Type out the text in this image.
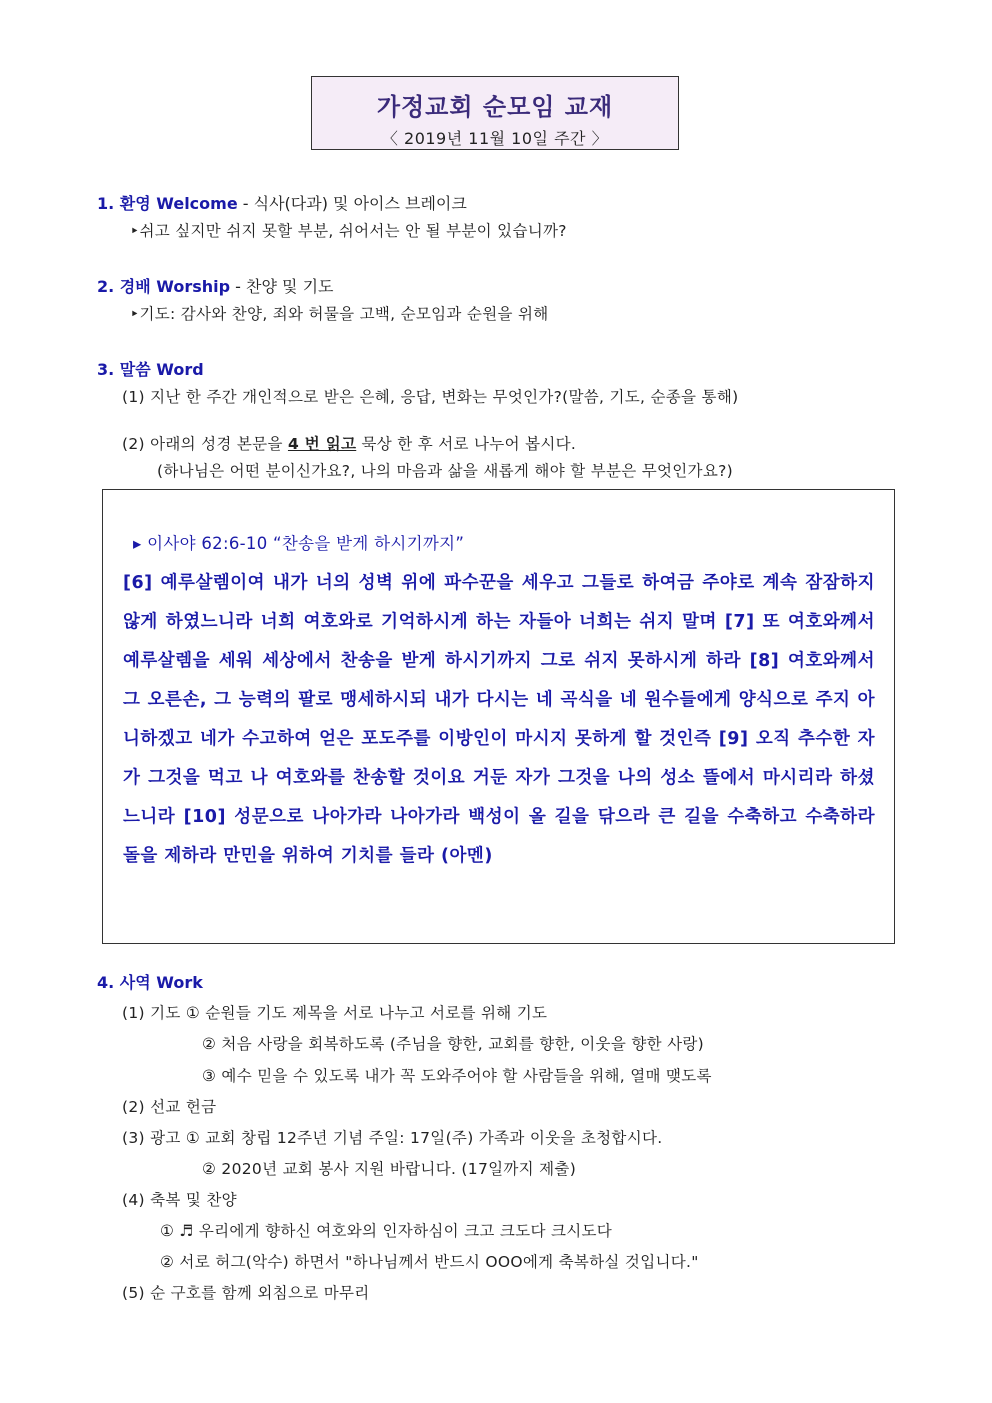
가정교회 순모임 교재
〈 2019년 11월 10일 주간 〉
1. 환영 Welcome - 식사(다과) 및 아이스 브레이크
‣쉬고 싶지만 쉬지 못할 부분, 쉬어서는 안 될 부분이 있습니까?
2. 경배 Worship - 찬양 및 기도
‣기도: 감사와 찬양, 죄와 허물을 고백, 순모임과 순원을 위해
3. 말씀 Word
(1) 지난 한 주간 개인적으로 받은 은혜, 응답, 변화는 무엇인가?(말씀, 기도, 순종을 통해)
(2) 아래의 성경 본문을 4 번 읽고 묵상 한 후 서로 나누어 봅시다.
(하나님은 어떤 분이신가요?, 나의 마음과 삶을 새롭게 해야 할 부분은 무엇인가요?)
▸ 이사야 62:6-10 “찬송을 받게 하시기까지”
[6] 예루살렘이여 내가 너의 성벽 위에 파수꾼을 세우고 그들로 하여금 주야로 계속 잠잠하지 않게 하였느니라 너희 여호와로 기억하시게 하는 자들아 너희는 쉬지 말며 [7] 또 여호와께서 예루살렘을 세워 세상에서 찬송을 받게 하시기까지 그로 쉬지 못하시게 하라 [8] 여호와께서 그 오른손, 그 능력의 팔로 맹세하시되 내가 다시는 네 곡식을 네 원수들에게 양식으로 주지 아니하겠고 네가 수고하여 얻은 포도주를 이방인이 마시지 못하게 할 것인즉 [9] 오직 추수한 자가 그것을 먹고 나 여호와를 찬송할 것이요 거둔 자가 그것을 나의 성소 뜰에서 마시리라 하셨느니라 [10] 성문으로 나아가라 나아가라 백성이 올 길을 닦으라 큰 길을 수축하고 수축하라 돌을 제하라 만민을 위하여 기치를 들라 (아멘)
4. 사역 Work
(1) 기도 ① 순원들 기도 제목을 서로 나누고 서로를 위해 기도
② 처음 사랑을 회복하도록 (주님을 향한, 교회를 향한, 이웃을 향한 사랑)
③ 예수 믿을 수 있도록 내가 꼭 도와주어야 할 사람들을 위해, 열매 맺도록
(2) 선교 헌금
(3) 광고 ① 교회 창립 12주년 기념 주일: 17일(주) 가족과 이웃을 초청합시다.
② 2020년 교회 봉사 지원 바랍니다. (17일까지 제출)
(4) 축복 및 찬양
① ♬ 우리에게 향하신 여호와의 인자하심이 크고 크도다 크시도다
② 서로 허그(악수) 하면서 "하나님께서 반드시 OOO에게 축복하실 것입니다."
(5) 순 구호를 함께 외침으로 마무리
